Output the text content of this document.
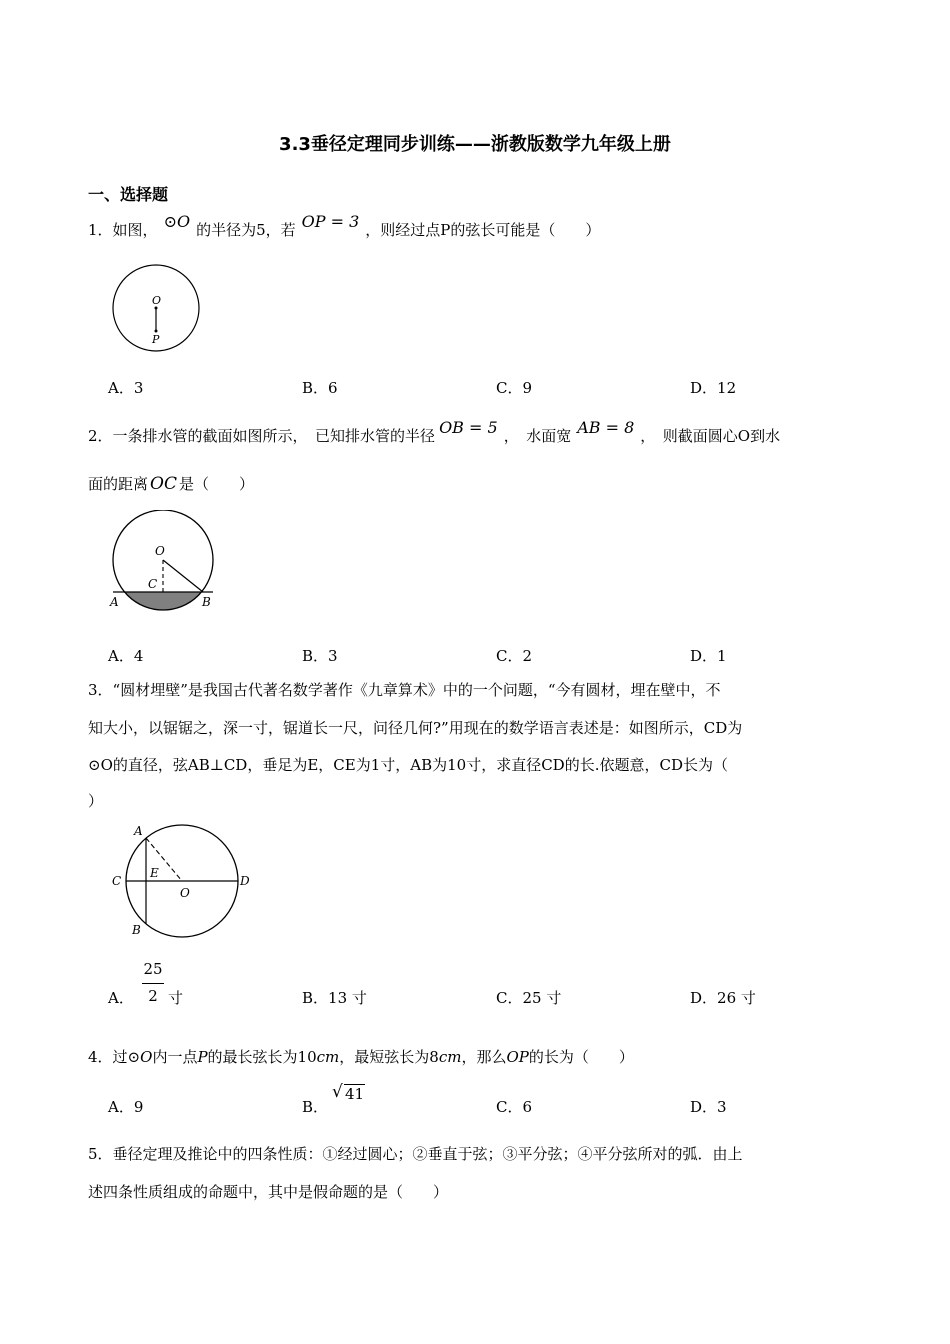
3.3垂径定理同步训练——浙教版数学九年级上册
一、选择题
1．如图， ⊙O 的半径为5，若 OP = 3 ，则经过点P的弦长可能是（　　）
O
P
A．3	B．6	C．9	D．12
2．一条排水管的截面如图所示，　已知排水管的半径 OB = 5 ，　水面宽 AB = 8 ，　则截面圆心O到水
面的距离 OC 是（　　）
O
C
A	B
A．4	B．3	C．2	D．1
3．“圆材埋壁”是我国古代著名数学著作《九章算术》中的一个问题，“今有圆材，埋在壁中，不
知大小，以锯锯之，深一寸，锯道长一尺，问径几何?”用现在的数学语言表述是：如图所示，CD为
⊙O的直径，弦AB⊥CD，垂足为E，CE为1寸，AB为10寸，求直径CD的长.依题意，CD长为（
）
A
B
C	D
E
O
A．
25
2 寸	B．13 寸	C．25 寸	D．26 寸
4．过⊙O内一点P的最长弦长为10cm，最短弦长为8cm，那么OP的长为（　　）
A．9	B．
√ 41
C．6	D．3
5．垂径定理及推论中的四条性质：①经过圆心；②垂直于弦；③平分弦；④平分弦所对的弧．由上
述四条性质组成的命题中，其中是假命题的是（　　）
